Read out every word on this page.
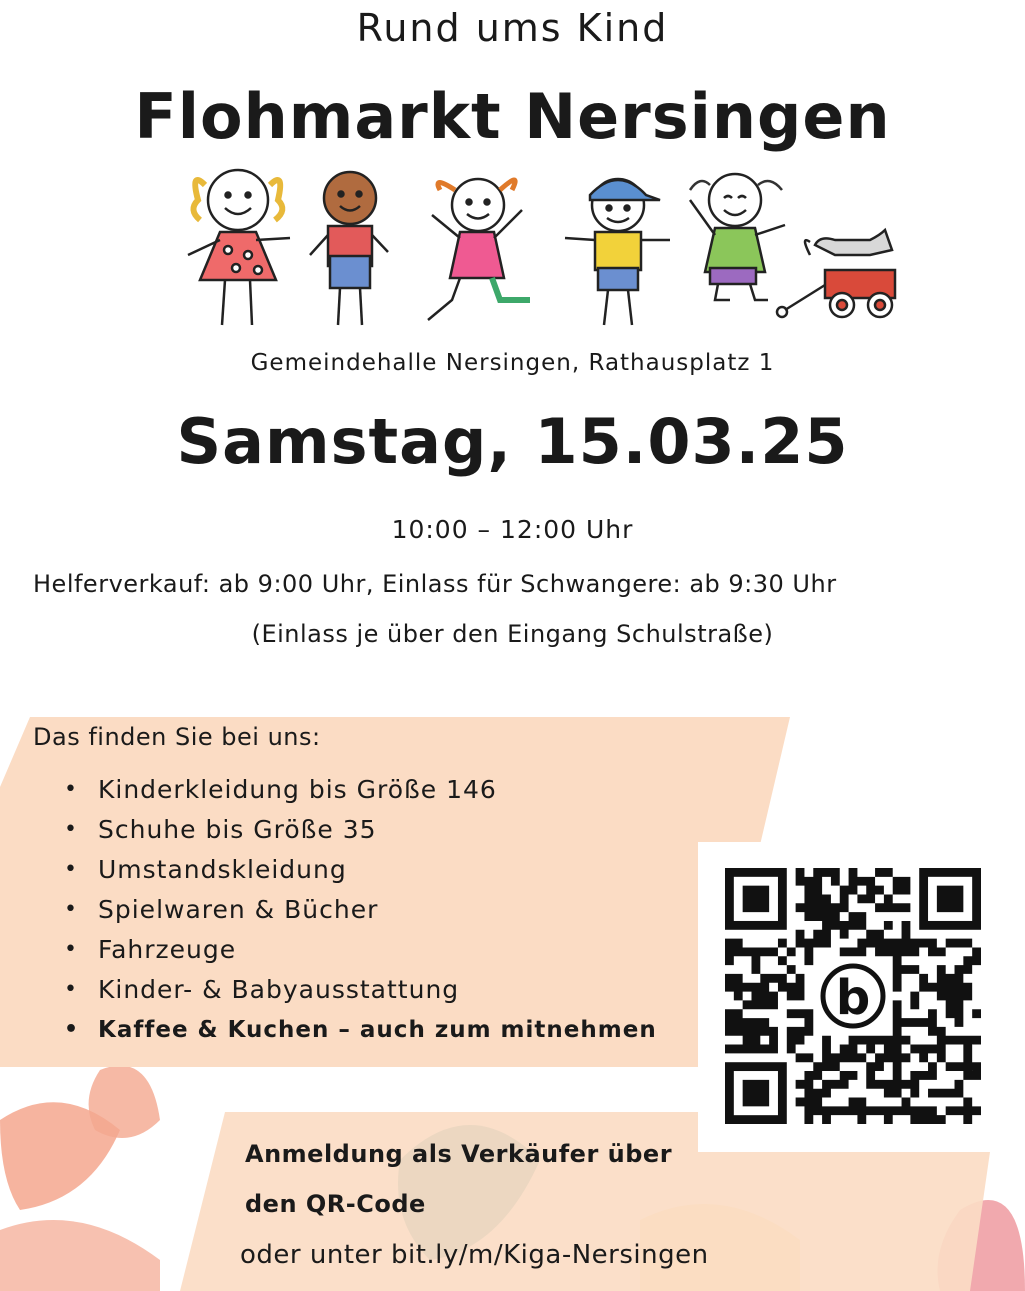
Rund ums Kind
Flohmarkt Nersingen
Gemeindehalle Nersingen, Rathausplatz 1
Samstag, 15.03.25
10:00 – 12:00 Uhr
Helferverkauf: ab 9:00 Uhr, Einlass für Schwangere: ab 9:30 Uhr
(Einlass je über den Eingang Schulstraße)
Das finden Sie bei uns:
• Kinderkleidung bis Größe 146
• Schuhe bis Größe 35
• Umstandskleidung
• Spielwaren & Bücher
• Fahrzeuge
• Kinder- & Babyausstattung
• Kaffee & Kuchen – auch zum mitnehmen
b
Anmeldung als Verkäufer über
den QR-Code
oder unter bit.ly/m/Kiga-Nersingen
